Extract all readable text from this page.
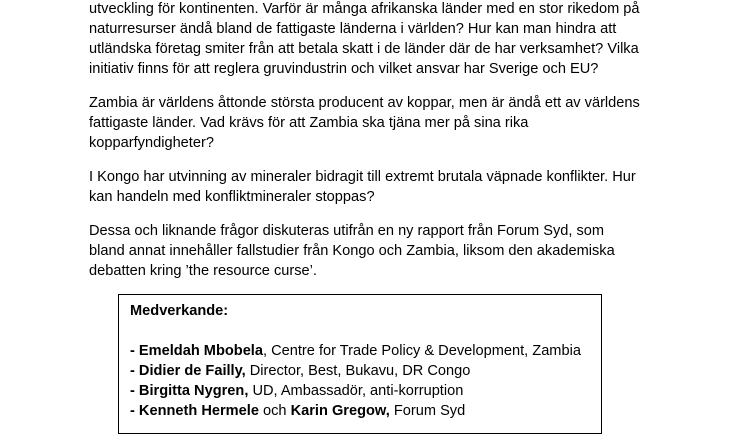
utveckling för kontinenten. Varför är många afrikanska länder med en stor rikedom på
naturresurser ändå bland de fattigaste länderna i världen? Hur kan man hindra att
utländska företag smiter från att betala skatt i de länder där de har verksamhet? Vilka
initiativ finns för att reglera gruvindustrin och vilket ansvar har Sverige och EU?

Zambia är världens åttonde största producent av koppar, men är ändå ett av världens
fattigaste länder. Vad krävs för att Zambia ska tjäna mer på sina rika
kopparfyndigheter?

I Kongo har utvinning av mineraler bidragit till extremt brutala väpnade konflikter. Hur
kan handeln med konfliktmineraler stoppas?

Dessa och liknande frågor diskuteras utifrån en ny rapport från Forum Syd, som
bland annat innehåller fallstudier från Kongo och Zambia, liksom den akademiska
debatten kring ’the resource curse’.

Medverkande:
- Emeldah Mbobela, Centre for Trade Policy & Development, Zambia
- Didier de Failly, Director, Best, Bukavu, DR Congo
- Birgitta Nygren, UD, Ambassadör, anti-korruption
- Kenneth Hermele och Karin Gregow, Forum Syd
